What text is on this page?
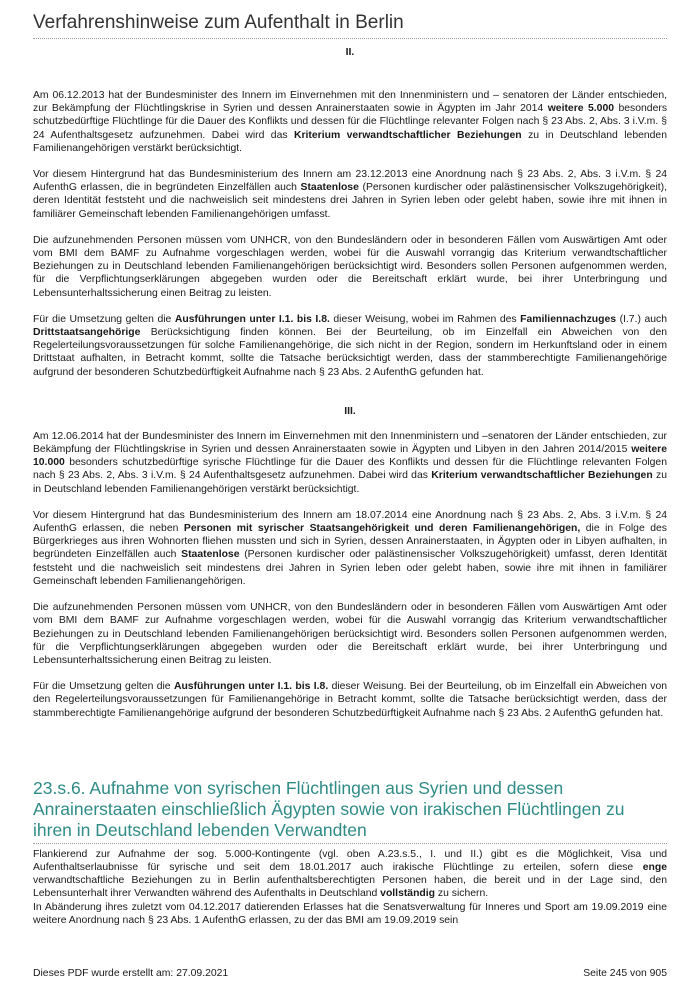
Verfahrenshinweise zum Aufenthalt in Berlin
II.

Am 06.12.2013 hat der Bundesminister des Innern im Einvernehmen mit den Innenministern und – senatoren der Länder entschieden, zur Bekämpfung der Flüchtlingskrise in Syrien und dessen Anrainerstaaten sowie in Ägypten im Jahr 2014 weitere 5.000 besonders schutzbedürftige Flüchtlinge für die Dauer des Konflikts und dessen für die Flüchtlinge relevanter Folgen nach § 23 Abs. 2, Abs. 3 i.V.m. § 24 Aufenthaltsgesetz aufzunehmen. Dabei wird das Kriterium verwandtschaftlicher Beziehungen zu in Deutschland lebenden Familienangehörigen verstärkt berücksichtigt.

Vor diesem Hintergrund hat das Bundesministerium des Innern am 23.12.2013 eine Anordnung nach § 23 Abs. 2, Abs. 3 i.V.m. § 24 AufenthG erlassen, die in begründeten Einzelfällen auch Staatenlose (Personen kurdischer oder palästinensischer Volkszugehörigkeit), deren Identität feststeht und die nachweislich seit mindestens drei Jahren in Syrien leben oder gelebt haben, sowie ihre mit ihnen in familiärer Gemeinschaft lebenden Familienangehörigen umfasst.

Die aufzunehmenden Personen müssen vom UNHCR, von den Bundesländern oder in besonderen Fällen vom Auswärtigen Amt oder vom BMI dem BAMF zu Aufnahme vorgeschlagen werden, wobei für die Auswahl vorrangig das Kriterium verwandtschaftlicher Beziehungen zu in Deutschland lebenden Familienangehörigen berücksichtigt wird. Besonders sollen Personen aufgenommen werden, für die Verpflichtungserklärungen abgegeben wurden oder die Bereitschaft erklärt wurde, bei ihrer Unterbringung und Lebensunterhaltssicherung einen Beitrag zu leisten.

Für die Umsetzung gelten die Ausführungen unter I.1. bis I.8. dieser Weisung, wobei im Rahmen des Familiennachzuges (I.7.) auch Drittstaatsangehörige Berücksichtigung finden können. Bei der Beurteilung, ob im Einzelfall ein Abweichen von den Regelerteilungsvoraussetzungen für solche Familienangehörige, die sich nicht in der Region, sondern im Herkunftsland oder in einem Drittstaat aufhalten, in Betracht kommt, sollte die Tatsache berücksichtigt werden, dass der stammberechtigte Familienangehörige aufgrund der besonderen Schutzbedürftigkeit Aufnahme nach § 23 Abs. 2 AufenthG gefunden hat.

III.

Am 12.06.2014 hat der Bundesminister des Innern im Einvernehmen mit den Innenministern und –senatoren der Länder entschieden, zur Bekämpfung der Flüchtlingskrise in Syrien und dessen Anrainerstaaten sowie in Ägypten und Libyen in den Jahren 2014/2015 weitere 10.000 besonders schutzbedürftige syrische Flüchtlinge für die Dauer des Konflikts und dessen für die Flüchtlinge relevanten Folgen nach § 23 Abs. 2, Abs. 3 i.V.m. § 24 Aufenthaltsgesetz aufzunehmen. Dabei wird das Kriterium verwandtschaftlicher Beziehungen zu in Deutschland lebenden Familienangehörigen verstärkt berücksichtigt.

Vor diesem Hintergrund hat das Bundesministerium des Innern am 18.07.2014 eine Anordnung nach § 23 Abs. 2, Abs. 3 i.V.m. § 24 AufenthG erlassen, die neben Personen mit syrischer Staatsangehörigkeit und deren Familienangehörigen, die in Folge des Bürgerkrieges aus ihren Wohnorten fliehen mussten und sich in Syrien, dessen Anrainerstaaten, in Ägypten oder in Libyen aufhalten, in begründeten Einzelfällen auch Staatenlose (Personen kurdischer oder palästinensischer Volkszugehörigkeit) umfasst, deren Identität feststeht und die nachweislich seit mindestens drei Jahren in Syrien leben oder gelebt haben, sowie ihre mit ihnen in familiärer Gemeinschaft lebenden Familienangehörigen.

Die aufzunehmenden Personen müssen vom UNHCR, von den Bundesländern oder in besonderen Fällen vom Auswärtigen Amt oder vom BMI dem BAMF zur Aufnahme vorgeschlagen werden, wobei für die Auswahl vorrangig das Kriterium verwandtschaftlicher Beziehungen zu in Deutschland lebenden Familienangehörigen berücksichtigt wird. Besonders sollen Personen aufgenommen werden, für die Verpflichtungserklärungen abgegeben wurden oder die Bereitschaft erklärt wurde, bei ihrer Unterbringung und Lebensunterhaltssicherung einen Beitrag zu leisten.

Für die Umsetzung gelten die Ausführungen unter I.1. bis I.8. dieser Weisung. Bei der Beurteilung, ob im Einzelfall ein Abweichen von den Regelerteilungsvoraussetzungen für Familienangehörige in Betracht kommt, sollte die Tatsache berücksichtigt werden, dass der stammberechtigte Familienangehörige aufgrund der besonderen Schutzbedürftigkeit Aufnahme nach § 23 Abs. 2 AufenthG gefunden hat.

23.s.6. Aufnahme von syrischen Flüchtlingen aus Syrien und dessen Anrainerstaaten einschließlich Ägypten sowie von irakischen Flüchtlingen zu ihren in Deutschland lebenden Verwandten

Flankierend zur Aufnahme der sog. 5.000-Kontingente (vgl. oben A.23.s.5., I. und II.) gibt es die Möglichkeit, Visa und Aufenthaltserlaubnisse für syrische und seit dem 18.01.2017 auch irakische Flüchtlinge zu erteilen, sofern diese enge verwandtschaftliche Beziehungen zu in Berlin aufenthaltsberechtigten Personen haben, die bereit und in der Lage sind, den Lebensunterhalt ihrer Verwandten während des Aufenthalts in Deutschland vollständig zu sichern.

In Abänderung ihres zuletzt vom 04.12.2017 datierenden Erlasses hat die Senatsverwaltung für Inneres und Sport am 19.09.2019 eine weitere Anordnung nach § 23 Abs. 1 AufenthG erlassen, zu der das BMI am 19.09.2019 sein

Dieses PDF wurde erstellt am: 27.09.2021	Seite 245 von 905
